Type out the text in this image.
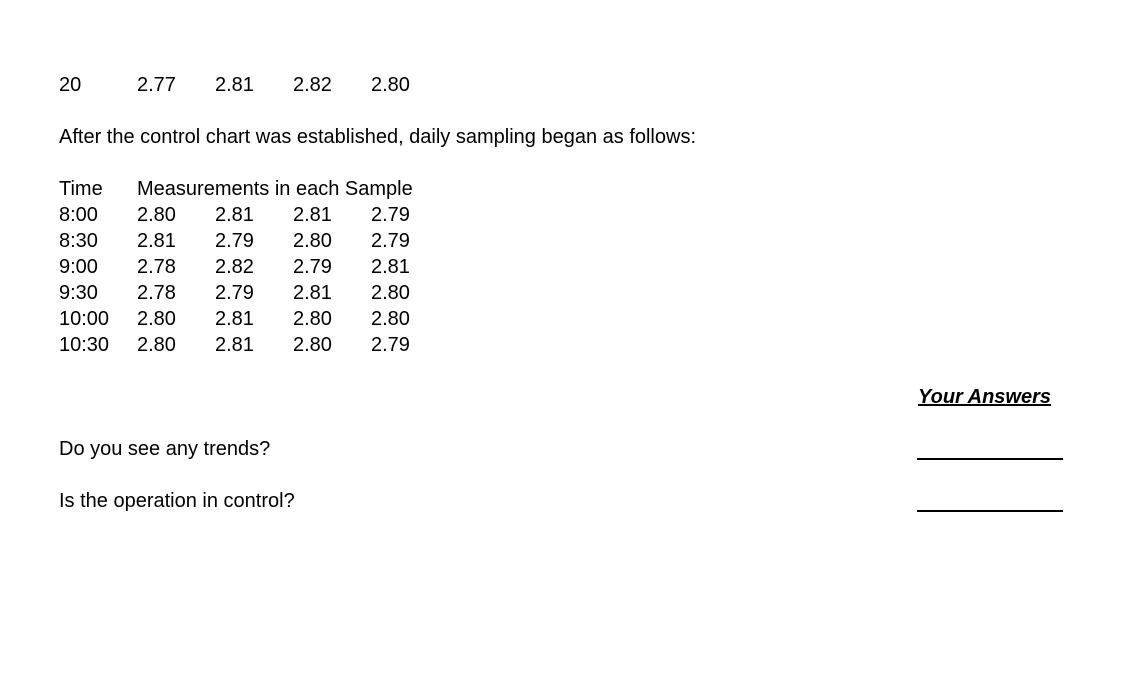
20	2.77 2.81 2.82 2.80
After the control chart was established, daily sampling began as follows:
Time Measurements in each Sample
8:00 2.80 2.81 2.81 2.79
8:30 2.81 2.79 2.80 2.79
9:00 2.78 2.82 2.79 2.81
9:30 2.78 2.79 2.81 2.80
10:00 2.80 2.81 2.80 2.80
10:30 2.80 2.81 2.80 2.79
Your Answers
Do you see any trends?
Is the operation in control?
